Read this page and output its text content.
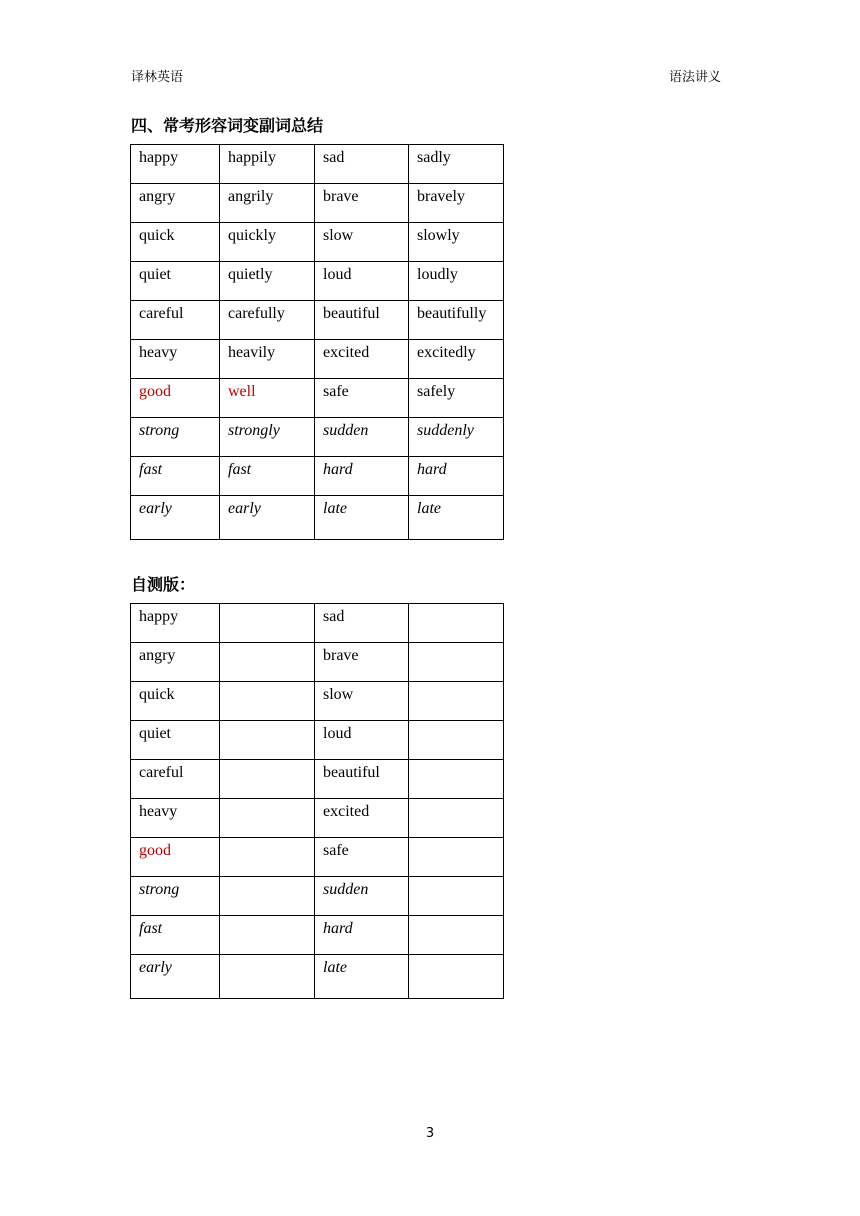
译林英语	语法讲义
四、常考形容词变副词总结
happy	happily	sad	sadly
angry	angrily	brave	bravely
quick	quickly	slow	slowly
quiet	quietly	loud	loudly
careful	carefully	beautiful	beautifully
heavy	heavily	excited	excitedly
good	well	safe	safely
strong	strongly	sudden	suddenly
fast	fast	hard	hard
early	early	late	late
自测版：
happy		sad	
angry		brave	
quick		slow	
quiet		loud	
careful		beautiful	
heavy		excited	
good		safe	
strong		sudden	
fast		hard	
early		late	
3
